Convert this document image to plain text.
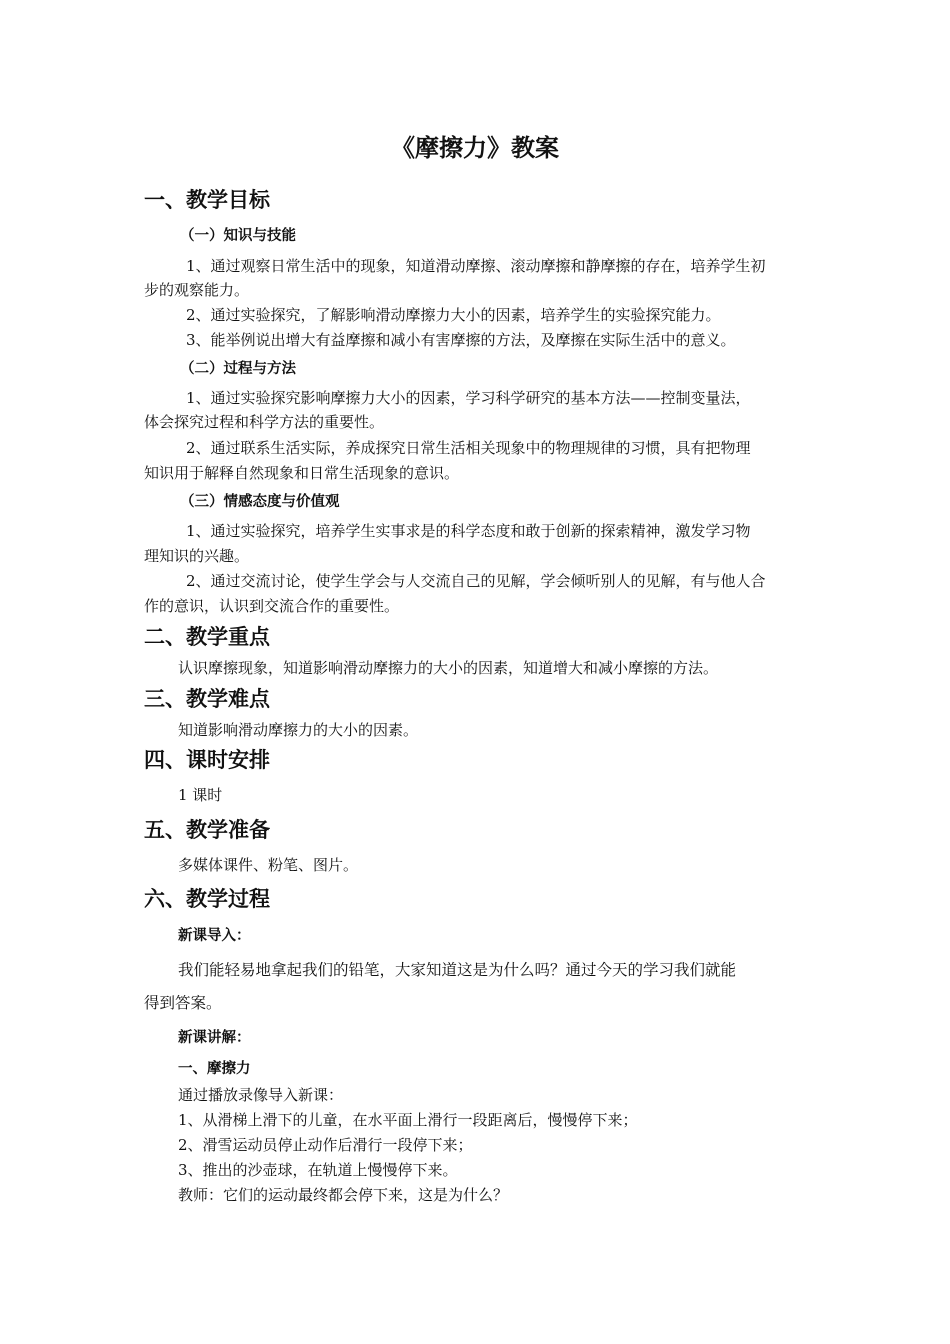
《摩擦力》教案
一、教学目标
（一）知识与技能
1、通过观察日常生活中的现象，知道滑动摩擦、滚动摩擦和静摩擦的存在，培养学生初
步的观察能力。
2、通过实验探究，了解影响滑动摩擦力大小的因素，培养学生的实验探究能力。
3、能举例说出增大有益摩擦和减小有害摩擦的方法，及摩擦在实际生活中的意义。
（二）过程与方法
1、通过实验探究影响摩擦力大小的因素，学习科学研究的基本方法——控制变量法，
体会探究过程和科学方法的重要性。
2、通过联系生活实际，养成探究日常生活相关现象中的物理规律的习惯，具有把物理
知识用于解释自然现象和日常生活现象的意识。
（三）情感态度与价值观
1、通过实验探究，培养学生实事求是的科学态度和敢于创新的探索精神，激发学习物
理知识的兴趣。
2、通过交流讨论，使学生学会与人交流自己的见解，学会倾听别人的见解，有与他人合
作的意识，认识到交流合作的重要性。
二、教学重点
认识摩擦现象，知道影响滑动摩擦力的大小的因素，知道增大和减小摩擦的方法。
三、教学难点
知道影响滑动摩擦力的大小的因素。
四、课时安排
1 课时
五、教学准备
多媒体课件、粉笔、图片。
六、教学过程
新课导入：
我们能轻易地拿起我们的铅笔，大家知道这是为什么吗？通过今天的学习我们就能
得到答案。
新课讲解：
一、摩擦力
通过播放录像导入新课：
1、从滑梯上滑下的儿童，在水平面上滑行一段距离后，慢慢停下来；
2、滑雪运动员停止动作后滑行一段停下来；
3、推出的沙壶球，在轨道上慢慢停下来。
教师：它们的运动最终都会停下来，这是为什么？
